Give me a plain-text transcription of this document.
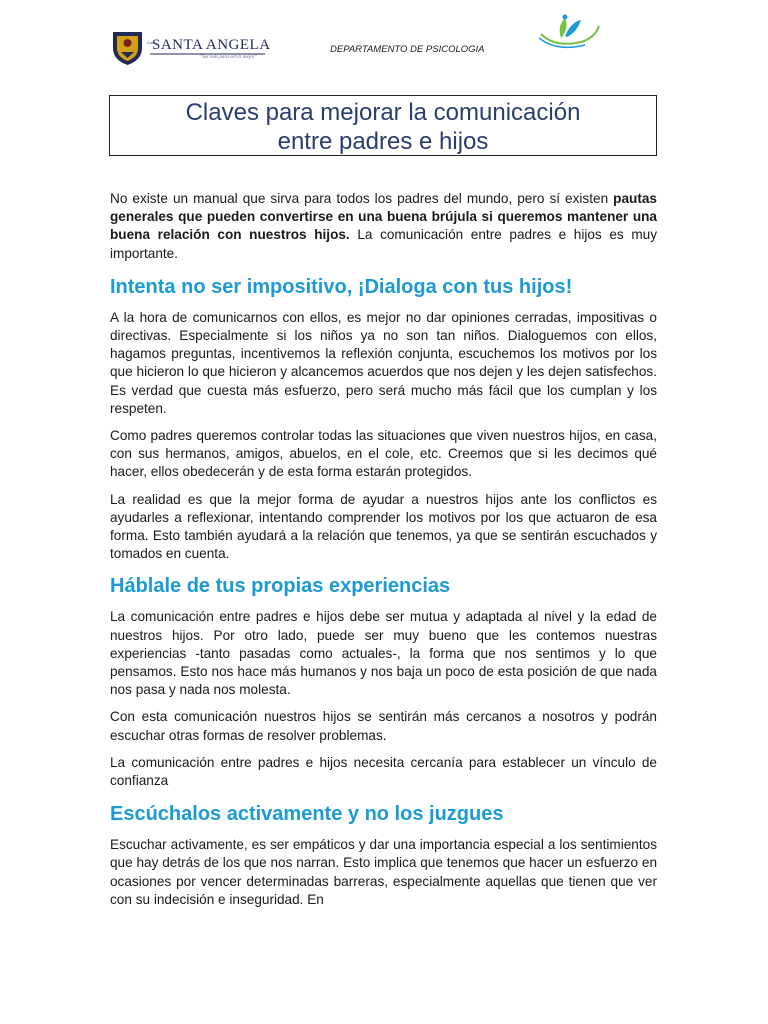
Col.
SANTA ANGELA
"Ser más para servir mejor"
DEPARTAMENTO DE PSICOLOGIA
Claves para mejorar la comunicación
entre padres e hijos

No existe un manual que sirva para todos los padres del mundo, pero sí existen pautas generales que pueden convertirse en una buena brújula si queremos mantener una buena relación con nuestros hijos. La comunicación entre padres e hijos es muy importante.

Intenta no ser impositivo, ¡Dialoga con tus hijos!

A la hora de comunicarnos con ellos, es mejor no dar opiniones cerradas, impositivas o directivas. Especialmente si los niños ya no son tan niños. Dialoguemos con ellos, hagamos preguntas, incentivemos la reflexión conjunta, escuchemos los motivos por los que hicieron lo que hicieron y alcancemos acuerdos que nos dejen y les dejen satisfechos. Es verdad que cuesta más esfuerzo, pero será mucho más fácil que los cumplan y los respeten.

Como padres queremos controlar todas las situaciones que viven nuestros hijos, en casa, con sus hermanos, amigos, abuelos, en el cole, etc. Creemos que si les decimos qué hacer, ellos obedecerán y de esta forma estarán protegidos.

La realidad es que la mejor forma de ayudar a nuestros hijos ante los conflictos es ayudarles a reflexionar, intentando comprender los motivos por los que actuaron de esa forma. Esto también ayudará a la relación que tenemos, ya que se sentirán escuchados y tomados en cuenta.

Háblale de tus propias experiencias

La comunicación entre padres e hijos debe ser mutua y adaptada al nivel y la edad de nuestros hijos. Por otro lado, puede ser muy bueno que les contemos nuestras experiencias -tanto pasadas como actuales-, la forma que nos sentimos y lo que pensamos. Esto nos hace más humanos y nos baja un poco de esta posición de que nada nos pasa y nada nos molesta.

Con esta comunicación nuestros hijos se sentirán más cercanos a nosotros y podrán escuchar otras formas de resolver problemas.

La comunicación entre padres e hijos necesita cercanía para establecer un vínculo de confianza

Escúchalos activamente y no los juzgues

Escuchar activamente, es ser empáticos y dar una importancia especial a los sentimientos que hay detrás de los que nos narran. Esto implica que tenemos que hacer un esfuerzo en ocasiones por vencer determinadas barreras, especialmente aquellas que tienen que ver con su indecisión e inseguridad. En
